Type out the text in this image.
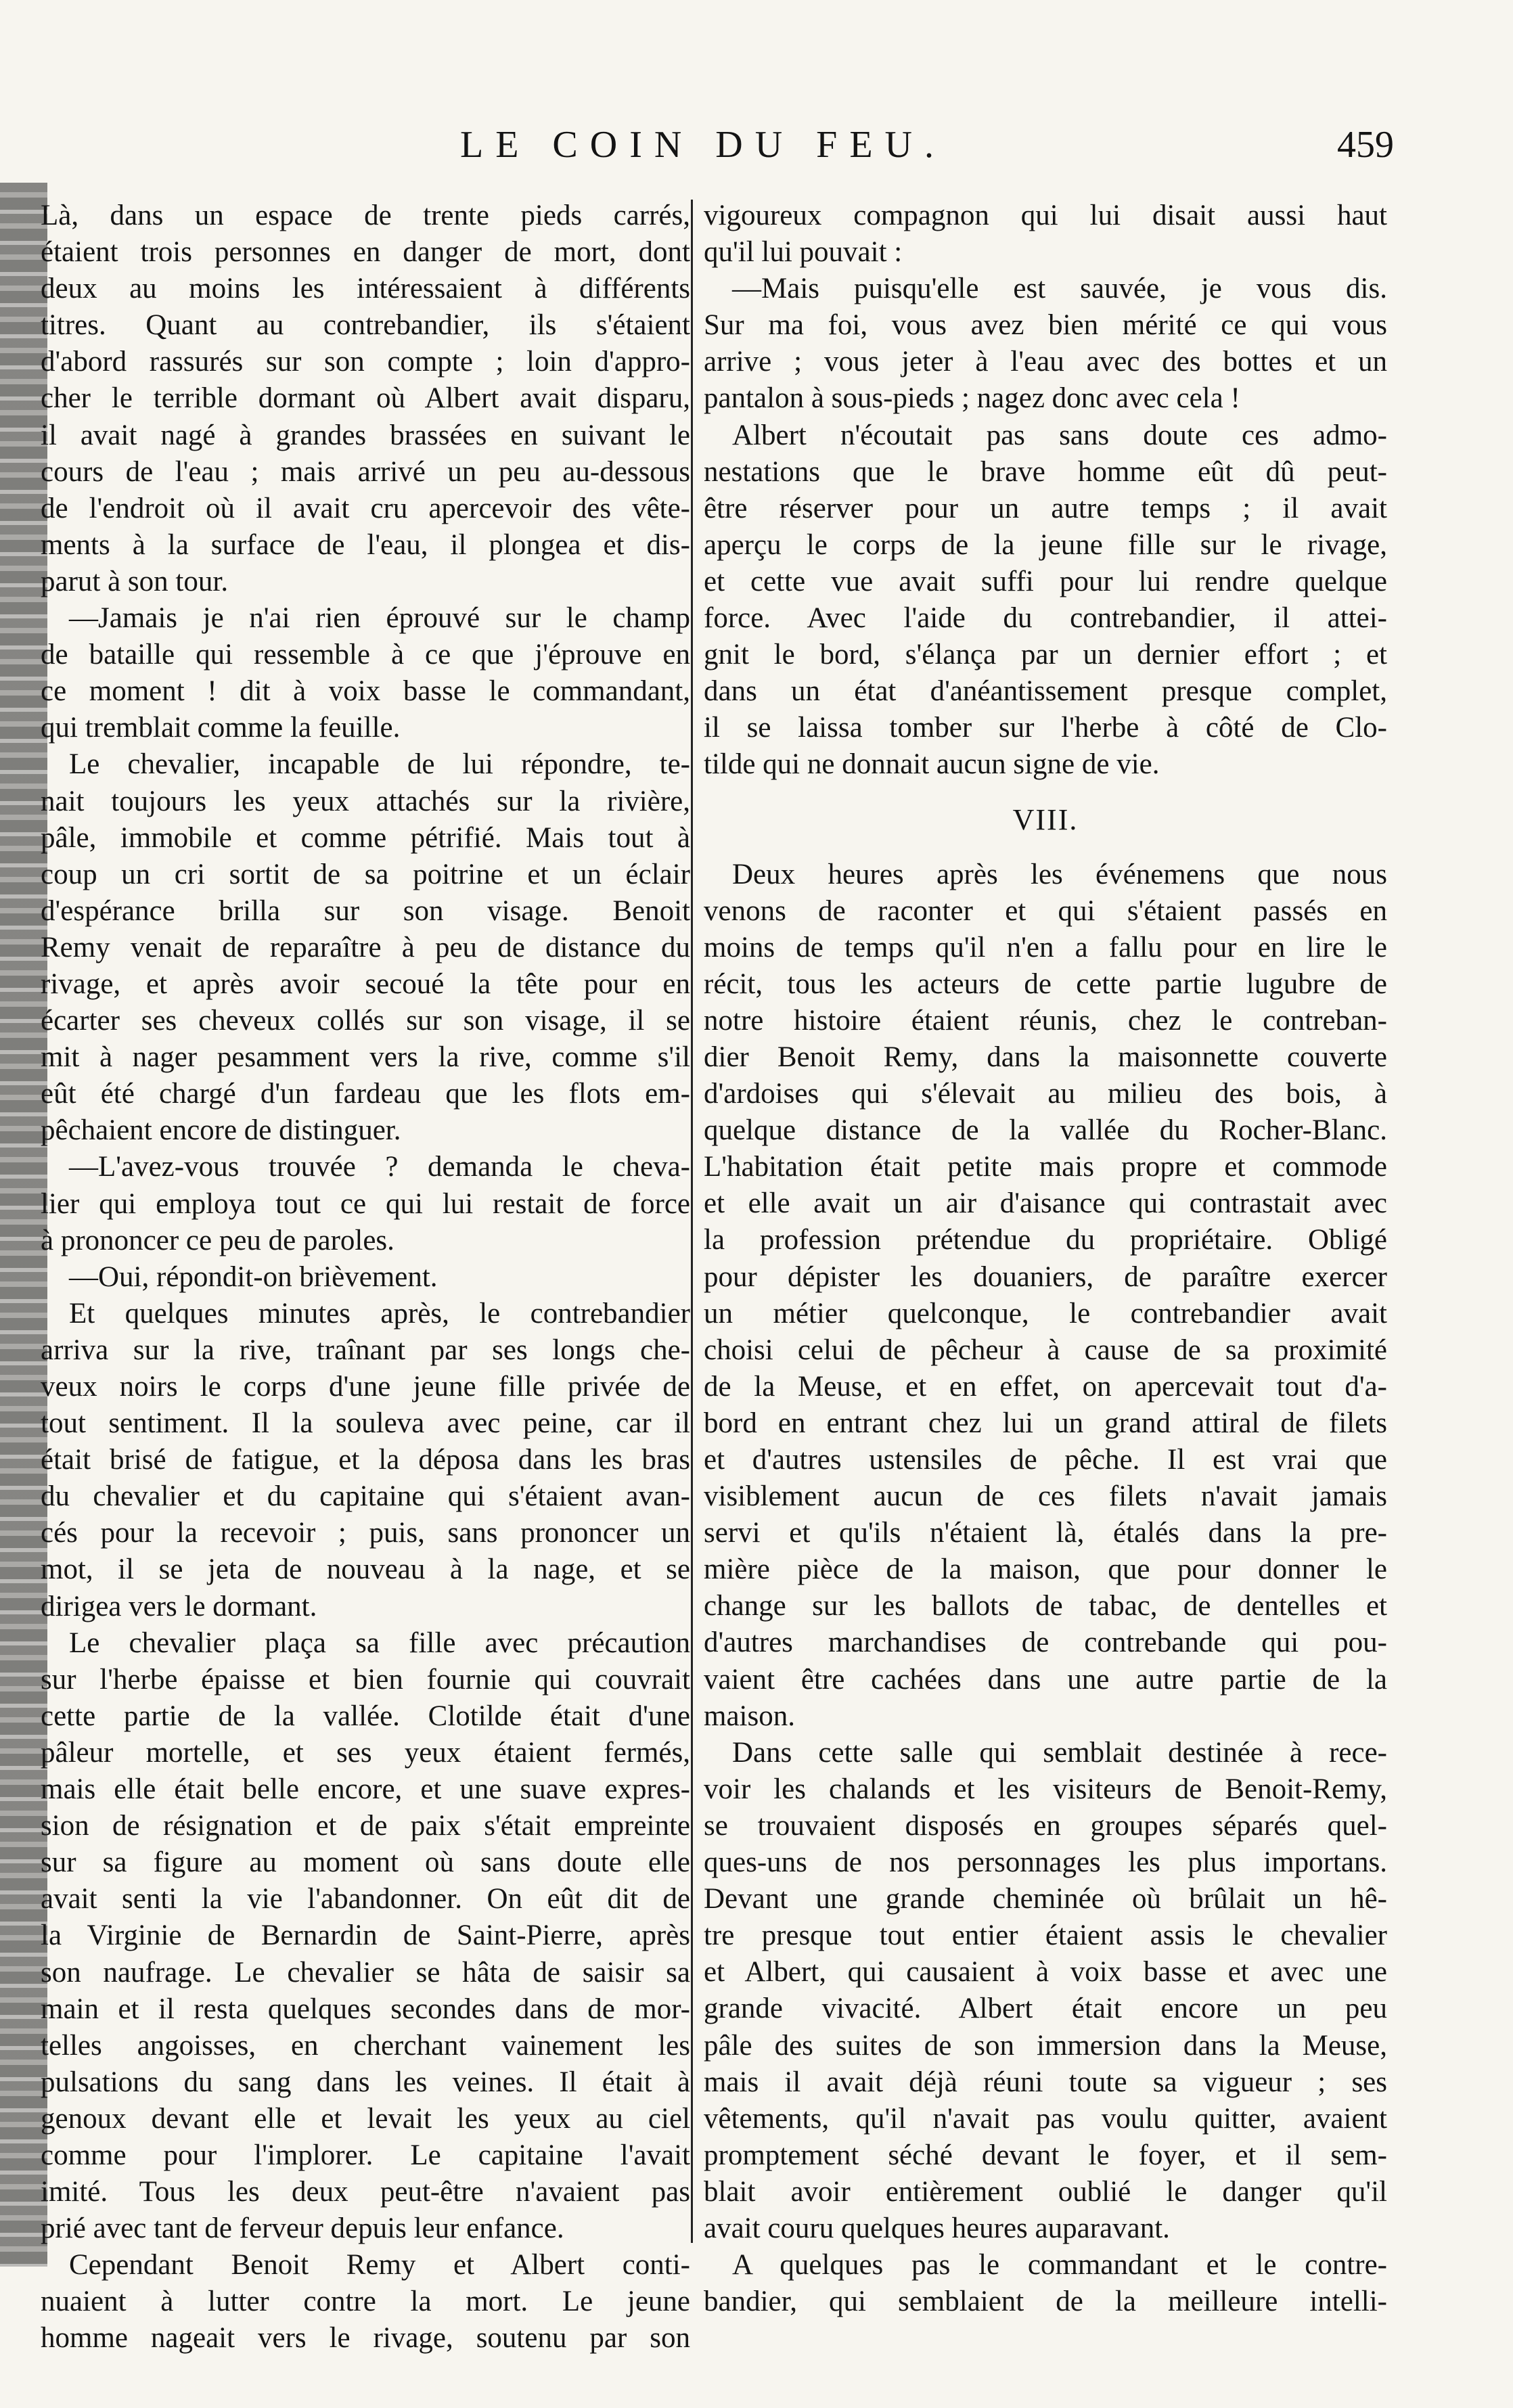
LE COIN DU FEU.	459
Là, dans un espace de trente pieds carrés,
étaient trois personnes en danger de mort, dont
deux au moins les intéressaient à différents
titres. Quant au contrebandier, ils s'étaient
d'abord rassurés sur son compte ; loin d'appro-
cher le terrible dormant où Albert avait disparu,
il avait nagé à grandes brassées en suivant le
cours de l'eau ; mais arrivé un peu au-dessous
de l'endroit où il avait cru apercevoir des vête-
ments à la surface de l'eau, il plongea et dis-
parut à son tour.
—Jamais je n'ai rien éprouvé sur le champ
de bataille qui ressemble à ce que j'éprouve en
ce moment ! dit à voix basse le commandant,
qui tremblait comme la feuille.
Le chevalier, incapable de lui répondre, te-
nait toujours les yeux attachés sur la rivière,
pâle, immobile et comme pétrifié. Mais tout à
coup un cri sortit de sa poitrine et un éclair
d'espérance brilla sur son visage. Benoit
Remy venait de reparaître à peu de distance du
rivage, et après avoir secoué la tête pour en
écarter ses cheveux collés sur son visage, il se
mit à nager pesamment vers la rive, comme s'il
eût été chargé d'un fardeau que les flots em-
pêchaient encore de distinguer.
—L'avez-vous trouvée ? demanda le cheva-
lier qui employa tout ce qui lui restait de force
à prononcer ce peu de paroles.
—Oui, répondit-on brièvement.
Et quelques minutes après, le contrebandier
arriva sur la rive, traînant par ses longs che-
veux noirs le corps d'une jeune fille privée de
tout sentiment. Il la souleva avec peine, car il
était brisé de fatigue, et la déposa dans les bras
du chevalier et du capitaine qui s'étaient avan-
cés pour la recevoir ; puis, sans prononcer un
mot, il se jeta de nouveau à la nage, et se
dirigea vers le dormant.
Le chevalier plaça sa fille avec précaution
sur l'herbe épaisse et bien fournie qui couvrait
cette partie de la vallée. Clotilde était d'une
pâleur mortelle, et ses yeux étaient fermés,
mais elle était belle encore, et une suave expres-
sion de résignation et de paix s'était empreinte
sur sa figure au moment où sans doute elle
avait senti la vie l'abandonner. On eût dit de
la Virginie de Bernardin de Saint-Pierre, après
son naufrage. Le chevalier se hâta de saisir sa
main et il resta quelques secondes dans de mor-
telles angoisses, en cherchant vainement les
pulsations du sang dans les veines. Il était à
genoux devant elle et levait les yeux au ciel
comme pour l'implorer. Le capitaine l'avait
imité. Tous les deux peut-être n'avaient pas
prié avec tant de ferveur depuis leur enfance.
Cependant Benoit Remy et Albert conti-
nuaient à lutter contre la mort. Le jeune
homme nageait vers le rivage, soutenu par son
vigoureux compagnon qui lui disait aussi haut
qu'il lui pouvait :
—Mais puisqu'elle est sauvée, je vous dis.
Sur ma foi, vous avez bien mérité ce qui vous
arrive ; vous jeter à l'eau avec des bottes et un
pantalon à sous-pieds ; nagez donc avec cela !
Albert n'écoutait pas sans doute ces admo-
nestations que le brave homme eût dû peut-
être réserver pour un autre temps ; il avait
aperçu le corps de la jeune fille sur le rivage,
et cette vue avait suffi pour lui rendre quelque
force. Avec l'aide du contrebandier, il attei-
gnit le bord, s'élança par un dernier effort ; et
dans un état d'anéantissement presque complet,
il se laissa tomber sur l'herbe à côté de Clo-
tilde qui ne donnait aucun signe de vie.
VIII.
Deux heures après les événemens que nous
venons de raconter et qui s'étaient passés en
moins de temps qu'il n'en a fallu pour en lire le
récit, tous les acteurs de cette partie lugubre de
notre histoire étaient réunis, chez le contreban-
dier Benoit Remy, dans la maisonnette couverte
d'ardoises qui s'élevait au milieu des bois, à
quelque distance de la vallée du Rocher-Blanc.
L'habitation était petite mais propre et commode
et elle avait un air d'aisance qui contrastait avec
la profession prétendue du propriétaire. Obligé
pour dépister les douaniers, de paraître exercer
un métier quelconque, le contrebandier avait
choisi celui de pêcheur à cause de sa proximité
de la Meuse, et en effet, on apercevait tout d'a-
bord en entrant chez lui un grand attiral de filets
et d'autres ustensiles de pêche. Il est vrai que
visiblement aucun de ces filets n'avait jamais
servi et qu'ils n'étaient là, étalés dans la pre-
mière pièce de la maison, que pour donner le
change sur les ballots de tabac, de dentelles et
d'autres marchandises de contrebande qui pou-
vaient être cachées dans une autre partie de la
maison.
Dans cette salle qui semblait destinée à rece-
voir les chalands et les visiteurs de Benoit-Remy,
se trouvaient disposés en groupes séparés quel-
ques-uns de nos personnages les plus importans.
Devant une grande cheminée où brûlait un hê-
tre presque tout entier étaient assis le chevalier
et Albert, qui causaient à voix basse et avec une
grande vivacité. Albert était encore un peu
pâle des suites de son immersion dans la Meuse,
mais il avait déjà réuni toute sa vigueur ; ses
vêtements, qu'il n'avait pas voulu quitter, avaient
promptement séché devant le foyer, et il sem-
blait avoir entièrement oublié le danger qu'il
avait couru quelques heures auparavant.
A quelques pas le commandant et le contre-
bandier, qui semblaient de la meilleure intelli-
